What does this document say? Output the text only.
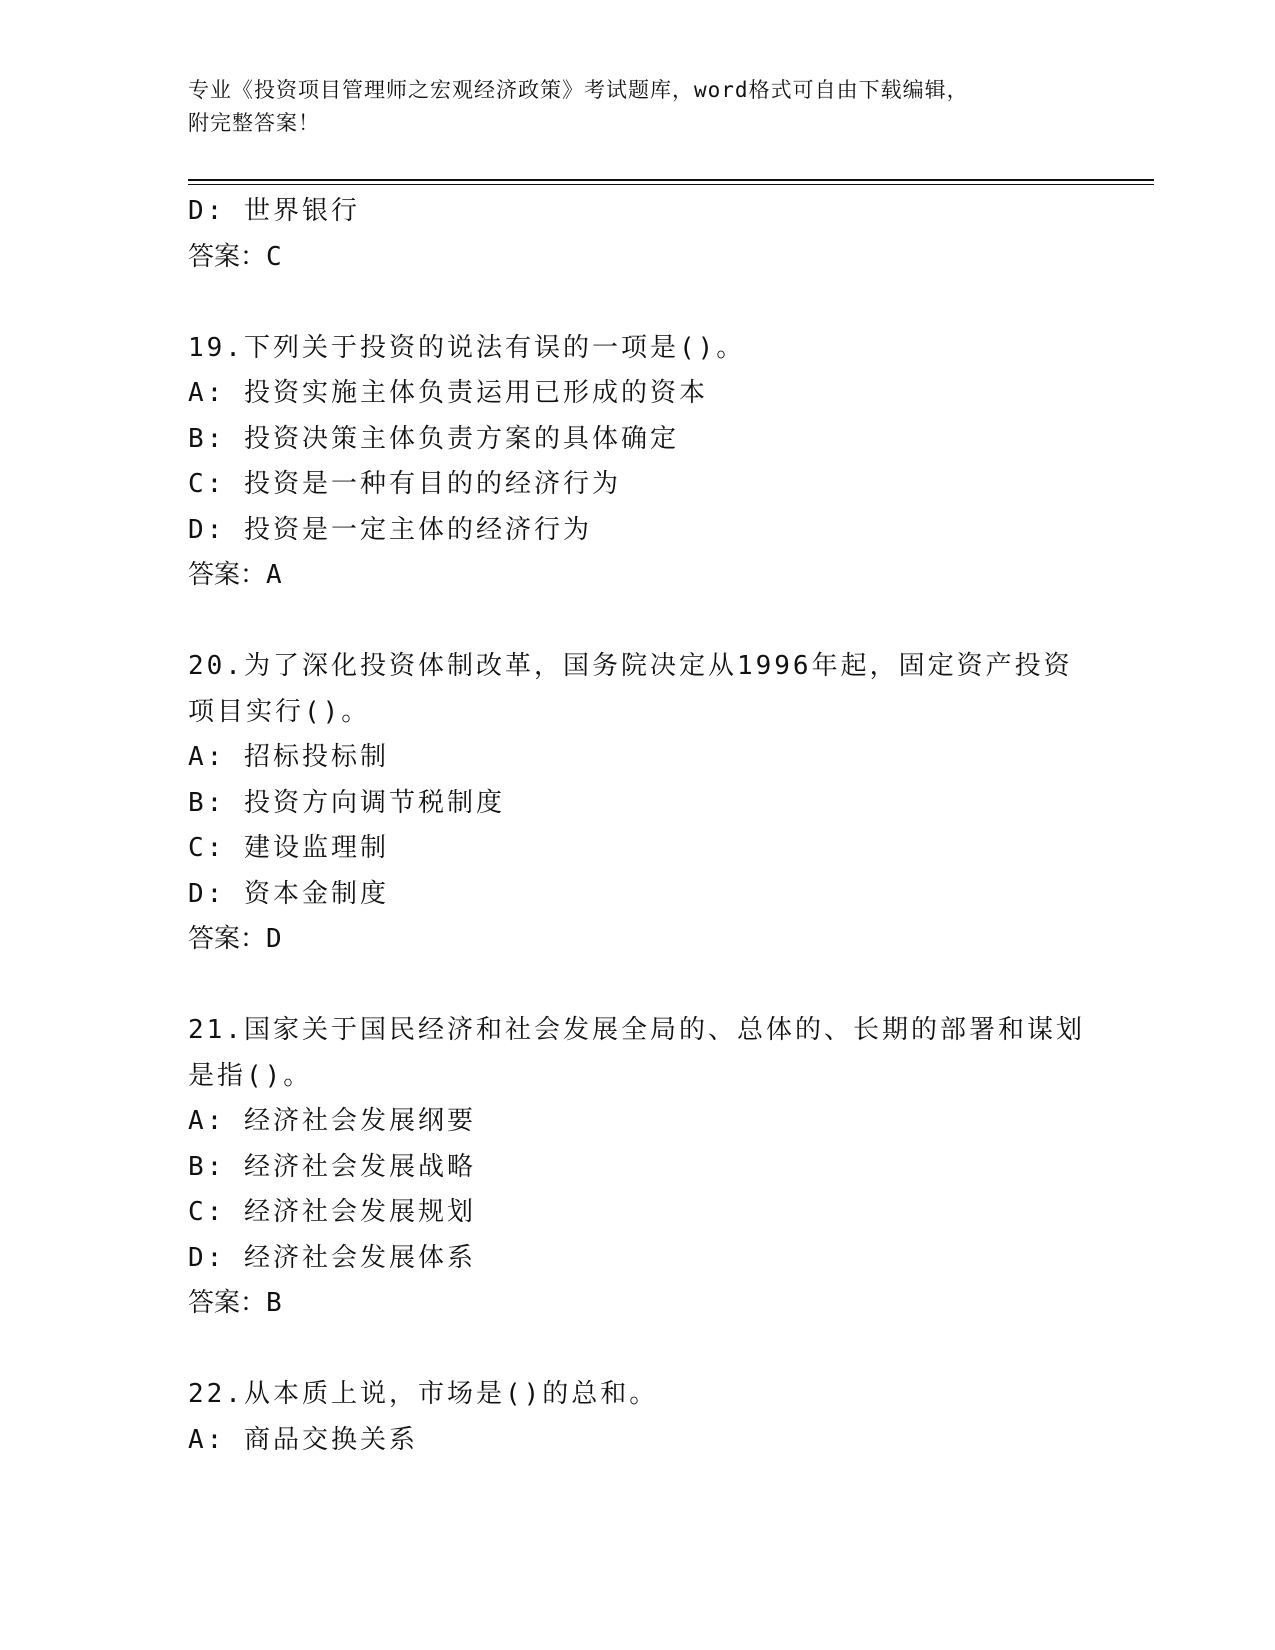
专业《投资项目管理师之宏观经济政策》考试题库，word格式可自由下载编辑，
附完整答案！
D: 世界银行
答案：C
19.下列关于投资的说法有误的一项是()。
A: 投资实施主体负责运用已形成的资本
B: 投资决策主体负责方案的具体确定
C: 投资是一种有目的的经济行为
D: 投资是一定主体的经济行为
答案：A
20.为了深化投资体制改革，国务院决定从1996年起，固定资产投资
项目实行()。
A: 招标投标制
B: 投资方向调节税制度
C: 建设监理制
D: 资本金制度
答案：D
21.国家关于国民经济和社会发展全局的、总体的、长期的部署和谋划
是指()。
A: 经济社会发展纲要
B: 经济社会发展战略
C: 经济社会发展规划
D: 经济社会发展体系
答案：B
22.从本质上说，市场是()的总和。
A: 商品交换关系
